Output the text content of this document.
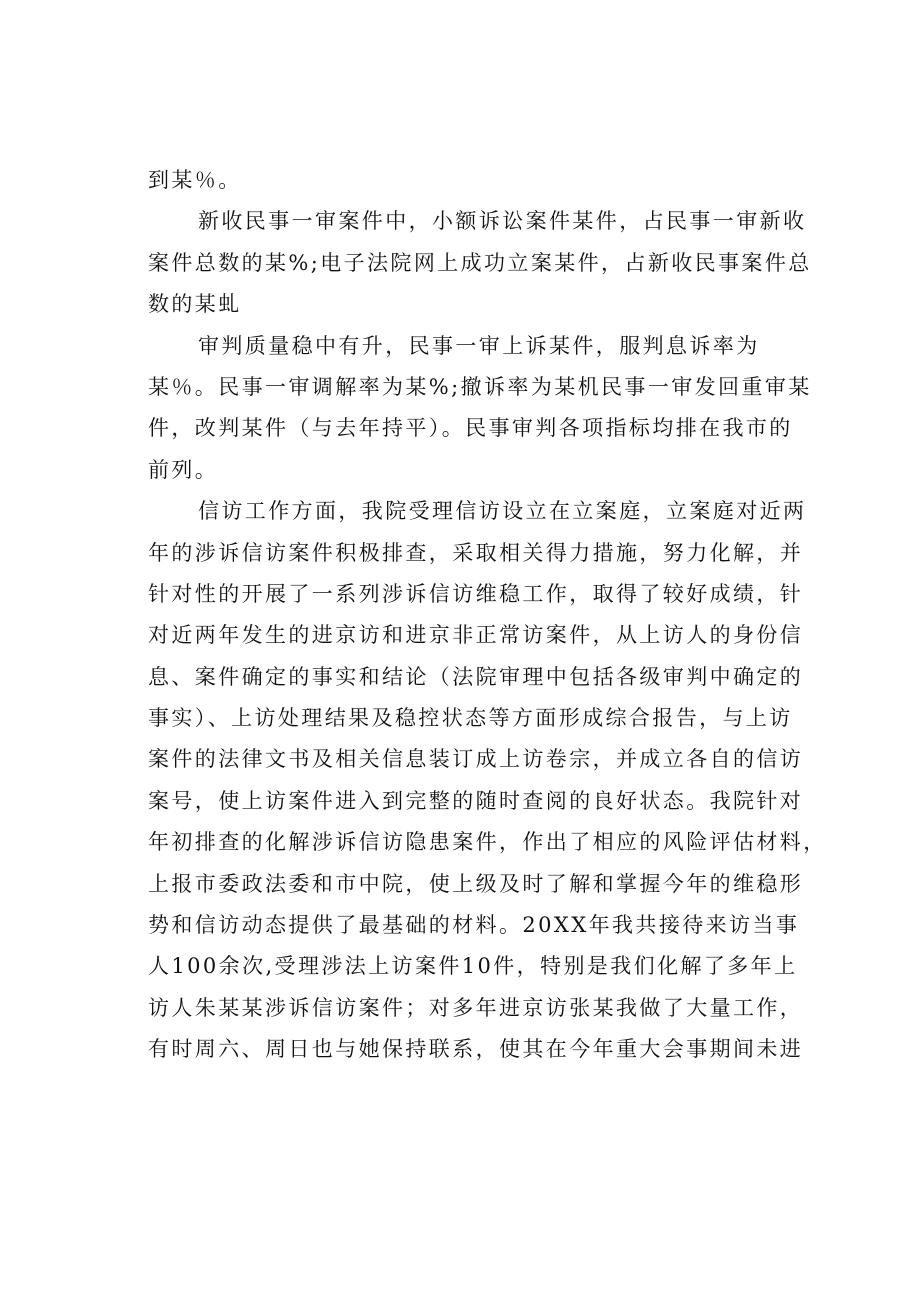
到某％。
新收民事一审案件中，小额诉讼案件某件，占民事一审新收
案件总数的某%;电子法院网上成功立案某件，占新收民事案件总
数的某虬
审判质量稳中有升，民事一审上诉某件，服判息诉率为
某％。民事一审调解率为某%;撤诉率为某机民事一审发回重审某
件，改判某件（与去年持平）。民事审判各项指标均排在我市的
前列。
信访工作方面，我院受理信访设立在立案庭，立案庭对近两
年的涉诉信访案件积极排查，采取相关得力措施，努力化解，并
针对性的开展了一系列涉诉信访维稳工作，取得了较好成绩，针
对近两年发生的进京访和进京非正常访案件，从上访人的身份信
息、案件确定的事实和结论（法院审理中包括各级审判中确定的
事实）、上访处理结果及稳控状态等方面形成综合报告，与上访
案件的法律文书及相关信息装订成上访卷宗，并成立各自的信访
案号，使上访案件进入到完整的随时查阅的良好状态。我院针对
年初排查的化解涉诉信访隐患案件，作出了相应的风险评估材料，
上报市委政法委和市中院，使上级及时了解和掌握今年的维稳形
势和信访动态提供了最基础的材料。20XX年我共接待来访当事
人100余次,受理涉法上访案件10件，特别是我们化解了多年上
访人朱某某涉诉信访案件；对多年进京访张某我做了大量工作，
有时周六、周日也与她保持联系，使其在今年重大会事期间未进
